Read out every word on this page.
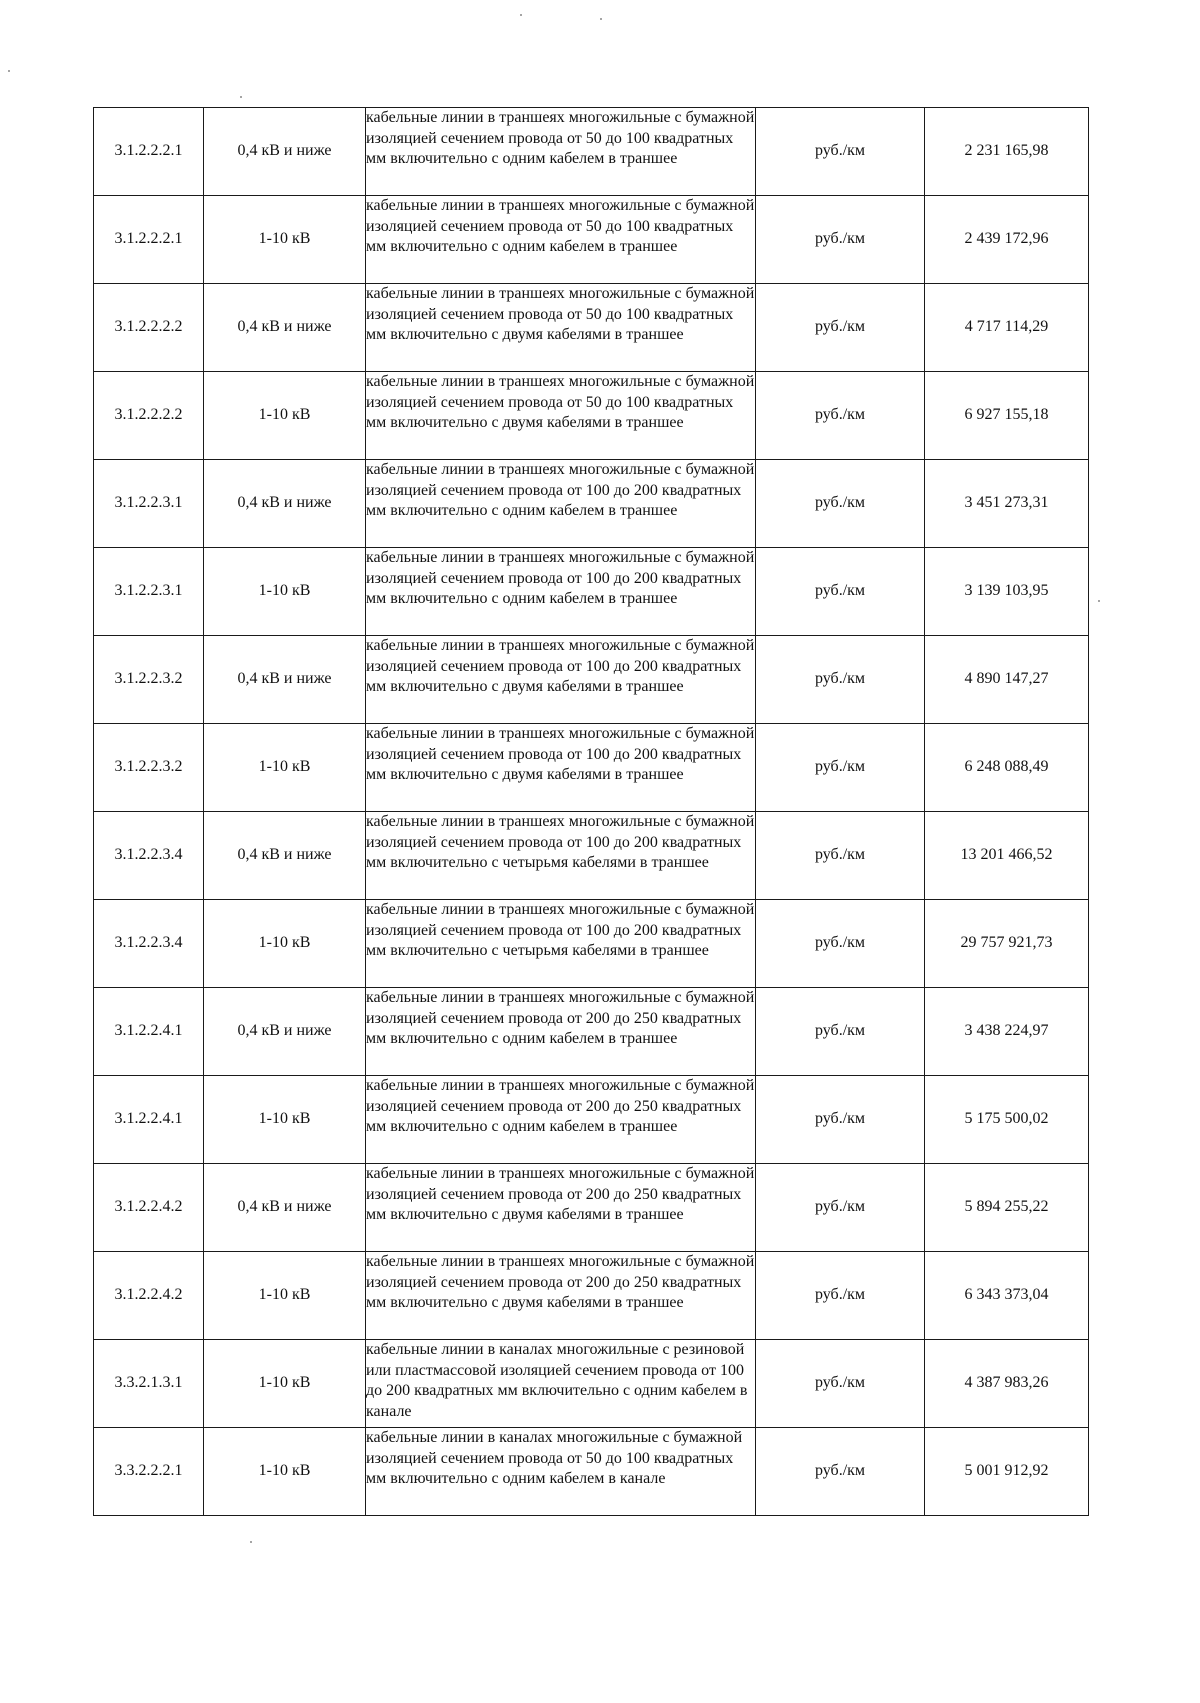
3.1.2.2.2.1	0,4 кВ и ниже	кабельные линии в траншеях многожильные с бумажной изоляцией сечением провода от 50 до 100 квадратных мм включительно с одним кабелем в траншее	руб./км	2 231 165,98
3.1.2.2.2.1	1-10 кВ	кабельные линии в траншеях многожильные с бумажной изоляцией сечением провода от 50 до 100 квадратных мм включительно с одним кабелем в траншее	руб./км	2 439 172,96
3.1.2.2.2.2	0,4 кВ и ниже	кабельные линии в траншеях многожильные с бумажной изоляцией сечением провода от 50 до 100 квадратных мм включительно с двумя кабелями в траншее	руб./км	4 717 114,29
3.1.2.2.2.2	1-10 кВ	кабельные линии в траншеях многожильные с бумажной изоляцией сечением провода от 50 до 100 квадратных мм включительно с двумя кабелями в траншее	руб./км	6 927 155,18
3.1.2.2.3.1	0,4 кВ и ниже	кабельные линии в траншеях многожильные с бумажной изоляцией сечением провода от 100 до 200 квадратных мм включительно с одним кабелем в траншее	руб./км	3 451 273,31
3.1.2.2.3.1	1-10 кВ	кабельные линии в траншеях многожильные с бумажной изоляцией сечением провода от 100 до 200 квадратных мм включительно с одним кабелем в траншее	руб./км	3 139 103,95
3.1.2.2.3.2	0,4 кВ и ниже	кабельные линии в траншеях многожильные с бумажной изоляцией сечением провода от 100 до 200 квадратных мм включительно с двумя кабелями в траншее	руб./км	4 890 147,27
3.1.2.2.3.2	1-10 кВ	кабельные линии в траншеях многожильные с бумажной изоляцией сечением провода от 100 до 200 квадратных мм включительно с двумя кабелями в траншее	руб./км	6 248 088,49
3.1.2.2.3.4	0,4 кВ и ниже	кабельные линии в траншеях многожильные с бумажной изоляцией сечением провода от 100 до 200 квадратных мм включительно с четырьмя кабелями в траншее	руб./км	13 201 466,52
3.1.2.2.3.4	1-10 кВ	кабельные линии в траншеях многожильные с бумажной изоляцией сечением провода от 100 до 200 квадратных мм включительно с четырьмя кабелями в траншее	руб./км	29 757 921,73
3.1.2.2.4.1	0,4 кВ и ниже	кабельные линии в траншеях многожильные с бумажной изоляцией сечением провода от 200 до 250 квадратных мм включительно с одним кабелем в траншее	руб./км	3 438 224,97
3.1.2.2.4.1	1-10 кВ	кабельные линии в траншеях многожильные с бумажной изоляцией сечением провода от 200 до 250 квадратных мм включительно с одним кабелем в траншее	руб./км	5 175 500,02
3.1.2.2.4.2	0,4 кВ и ниже	кабельные линии в траншеях многожильные с бумажной изоляцией сечением провода от 200 до 250 квадратных мм включительно с двумя кабелями в траншее	руб./км	5 894 255,22
3.1.2.2.4.2	1-10 кВ	кабельные линии в траншеях многожильные с бумажной изоляцией сечением провода от 200 до 250 квадратных мм включительно с двумя кабелями в траншее	руб./км	6 343 373,04
3.3.2.1.3.1	1-10 кВ	кабельные линии в каналах многожильные с резиновой или пластмассовой изоляцией сечением провода от 100 до 200 квадратных мм включительно с одним кабелем в канале	руб./км	4 387 983,26
3.3.2.2.2.1	1-10 кВ	кабельные линии в каналах многожильные с бумажной изоляцией сечением провода от 50 до 100 квадратных мм включительно с одним кабелем в канале	руб./км	5 001 912,92
